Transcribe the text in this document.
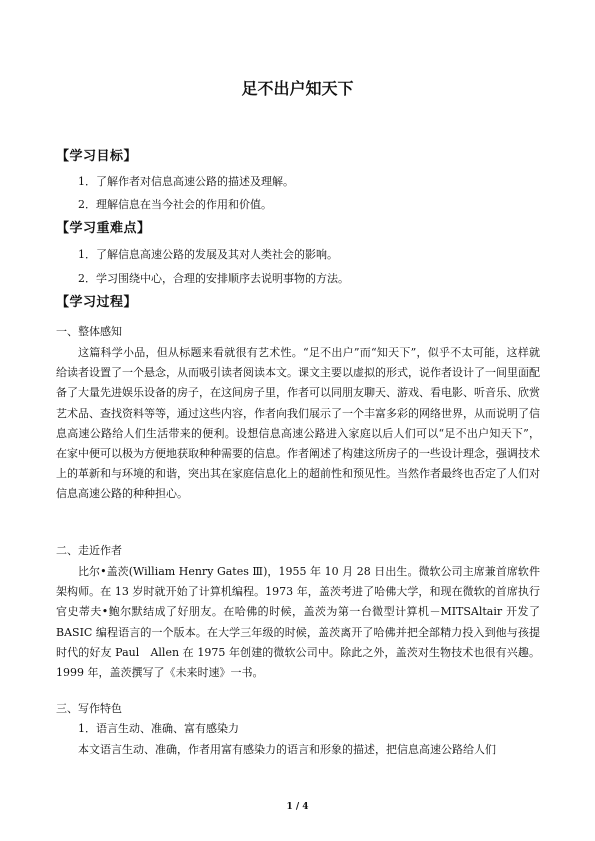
足不出户知天下
【学习目标】
1．了解作者对信息高速公路的描述及理解。
2．理解信息在当今社会的作用和价值。
【学习重难点】
1．了解信息高速公路的发展及其对人类社会的影响。
2．学习围绕中心，合理的安排顺序去说明事物的方法。
【学习过程】
一、整体感知
这篇科学小品，但从标题来看就很有艺术性。“足不出户”而“知天下”，似乎不太可能，这样就给读者设置了一个悬念，从而吸引读者阅读本文。课文主要以虚拟的形式，说作者设计了一间里面配备了大量先进娱乐设备的房子，在这间房子里，作者可以同朋友聊天、游戏、看电影、听音乐、欣赏艺术品、查找资料等等，通过这些内容，作者向我们展示了一个丰富多彩的网络世界，从而说明了信息高速公路给人们生活带来的便利。设想信息高速公路进入家庭以后人们可以“足不出户知天下”，在家中便可以极为方便地获取种种需要的信息。作者阐述了构建这所房子的一些设计理念，强调技术上的革新和与环境的和谐，突出其在家庭信息化上的超前性和预见性。当然作者最终也否定了人们对信息高速公路的种种担心。
二、走近作者
比尔•盖茨(William Henry Gates Ⅲ)，1955 年 10 月 28 日出生。微软公司主席兼首席软件架构师。在 13 岁时就开始了计算机编程。1973 年，盖茨考进了哈佛大学，和现在微软的首席执行官史蒂夫•鲍尔默结成了好朋友。在哈佛的时候，盖茨为第一台微型计算机－MITSAltair 开发了 BASIC 编程语言的一个版本。在大学三年级的时候，盖茨离开了哈佛并把全部精力投入到他与孩提时代的好友 Paul　Allen 在 1975 年创建的微软公司中。除此之外，盖茨对生物技术也很有兴趣。1999 年，盖茨撰写了《未来时速》一书。
三、写作特色
1．语言生动、准确、富有感染力
本文语言生动、准确，作者用富有感染力的语言和形象的描述，把信息高速公路给人们
1 / 4
